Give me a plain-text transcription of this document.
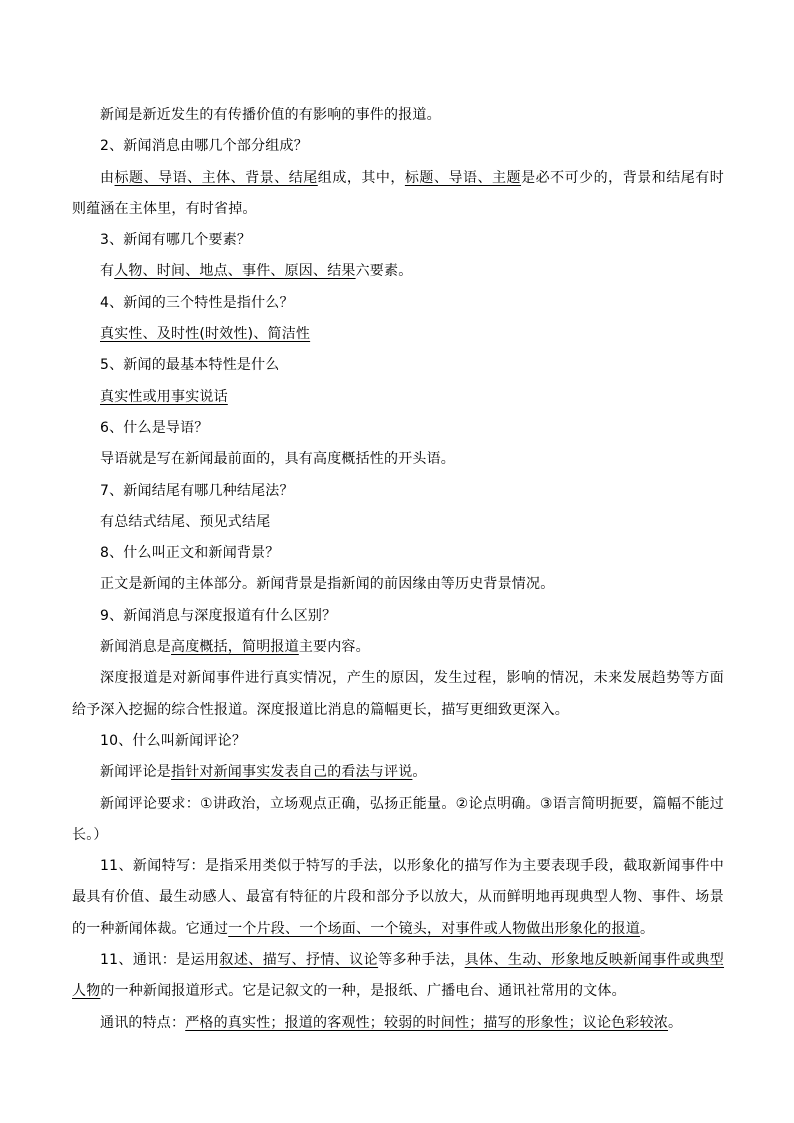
新闻是新近发生的有传播价值的有影响的事件的报道。

2、新闻消息由哪几个部分组成？

由标题、导语、主体、背景、结尾组成，其中，标题、导语、主题是必不可少的，背景和结尾有时则蕴涵在主体里，有时省掉。

3、新闻有哪几个要素？

有人物、时间、地点、事件、原因、结果六要素。

4、新闻的三个特性是指什么？

真实性、及时性(时效性)、简洁性

5、新闻的最基本特性是什么

真实性或用事实说话

6、什么是导语？

导语就是写在新闻最前面的，具有高度概括性的开头语。

7、新闻结尾有哪几种结尾法？

有总结式结尾、预见式结尾

8、什么叫正文和新闻背景？

正文是新闻的主体部分。新闻背景是指新闻的前因缘由等历史背景情况。

9、新闻消息与深度报道有什么区别？

新闻消息是高度概括，简明报道主要内容。

深度报道是对新闻事件进行真实情况，产生的原因，发生过程，影响的情况，未来发展趋势等方面给予深入挖掘的综合性报道。深度报道比消息的篇幅更长，描写更细致更深入。

10、什么叫新闻评论？

新闻评论是指针对新闻事实发表自己的看法与评说。

新闻评论要求：①讲政治，立场观点正确，弘扬正能量。②论点明确。③语言简明扼要，篇幅不能过长。）

11、新闻特写：是指采用类似于特写的手法，以形象化的描写作为主要表现手段，截取新闻事件中最具有价值、最生动感人、最富有特征的片段和部分予以放大，从而鲜明地再现典型人物、事件、场景的一种新闻体裁。它通过一个片段、一个场面、一个镜头，对事件或人物做出形象化的报道。

11、通讯：是运用叙述、描写、抒情、议论等多种手法，具体、生动、形象地反映新闻事件或典型人物的一种新闻报道形式。它是记叙文的一种，是报纸、广播电台、通讯社常用的文体。

通讯的特点：严格的真实性；报道的客观性；较弱的时间性；描写的形象性；议论色彩较浓。
